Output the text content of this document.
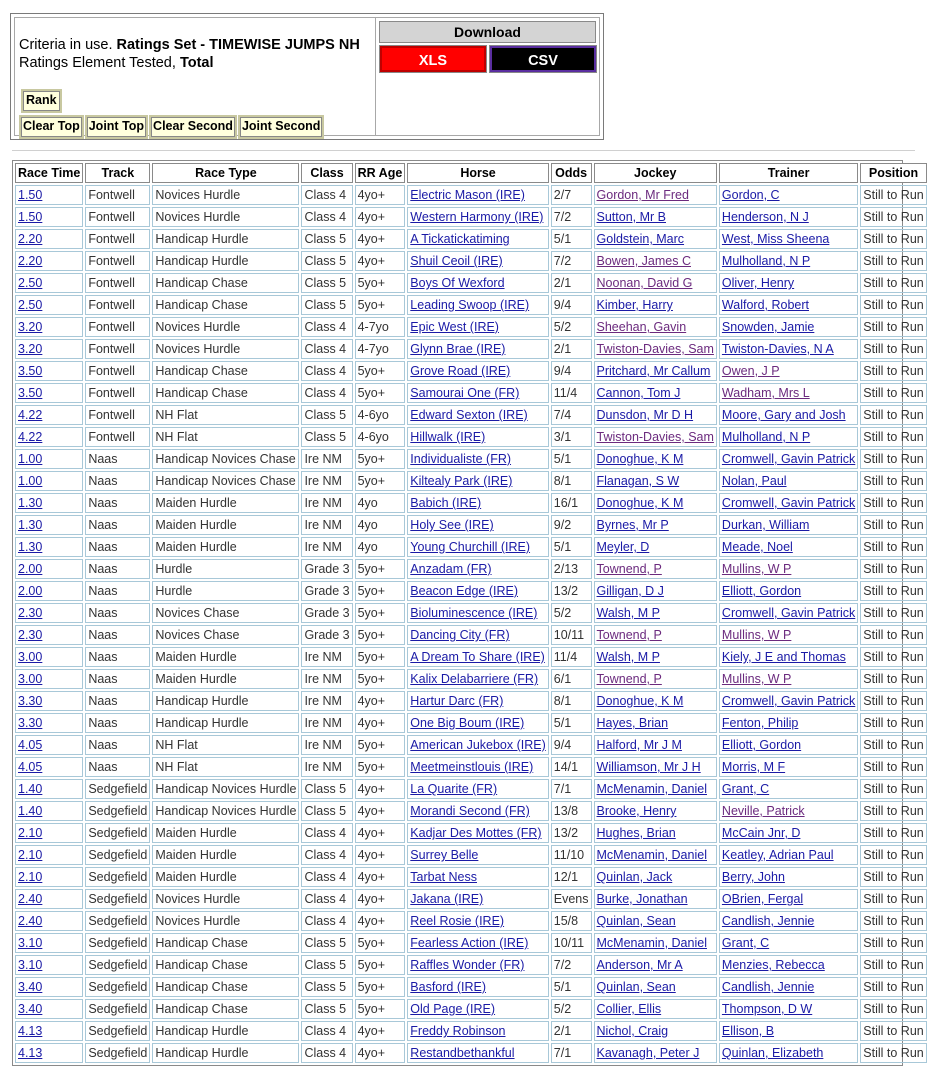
Criteria in use. Ratings Set - TIMEWISE JUMPS NH
Ratings Element Tested, Total
Rank
Clear Top Joint Top Clear Second Joint Second
Download
XLS	CSV
Race Time	Track	Race Type	Class	RR Age	Horse	Odds	Jockey	Trainer	Position
1.50	Fontwell	Novices Hurdle	Class 4	4yo+	Electric Mason (IRE)	2/7	Gordon, Mr Fred	Gordon, C	Still to Run
1.50	Fontwell	Novices Hurdle	Class 4	4yo+	Western Harmony (IRE)	7/2	Sutton, Mr B	Henderson, N J	Still to Run
2.20	Fontwell	Handicap Hurdle	Class 5	4yo+	A Tickatickatiming	5/1	Goldstein, Marc	West, Miss Sheena	Still to Run
2.20	Fontwell	Handicap Hurdle	Class 5	4yo+	Shuil Ceoil (IRE)	7/2	Bowen, James C	Mulholland, N P	Still to Run
2.50	Fontwell	Handicap Chase	Class 5	5yo+	Boys Of Wexford	2/1	Noonan, David G	Oliver, Henry	Still to Run
2.50	Fontwell	Handicap Chase	Class 5	5yo+	Leading Swoop (IRE)	9/4	Kimber, Harry	Walford, Robert	Still to Run
3.20	Fontwell	Novices Hurdle	Class 4	4-7yo	Epic West (IRE)	5/2	Sheehan, Gavin	Snowden, Jamie	Still to Run
3.20	Fontwell	Novices Hurdle	Class 4	4-7yo	Glynn Brae (IRE)	2/1	Twiston-Davies, Sam	Twiston-Davies, N A	Still to Run
3.50	Fontwell	Handicap Chase	Class 4	5yo+	Grove Road (IRE)	9/4	Pritchard, Mr Callum	Owen, J P	Still to Run
3.50	Fontwell	Handicap Chase	Class 4	5yo+	Samourai One (FR)	11/4	Cannon, Tom J	Wadham, Mrs L	Still to Run
4.22	Fontwell	NH Flat	Class 5	4-6yo	Edward Sexton (IRE)	7/4	Dunsdon, Mr D H	Moore, Gary and Josh	Still to Run
4.22	Fontwell	NH Flat	Class 5	4-6yo	Hillwalk (IRE)	3/1	Twiston-Davies, Sam	Mulholland, N P	Still to Run
1.00	Naas	Handicap Novices Chase	Ire NM	5yo+	Individualiste (FR)	5/1	Donoghue, K M	Cromwell, Gavin Patrick	Still to Run
1.00	Naas	Handicap Novices Chase	Ire NM	5yo+	Kiltealy Park (IRE)	8/1	Flanagan, S W	Nolan, Paul	Still to Run
1.30	Naas	Maiden Hurdle	Ire NM	4yo	Babich (IRE)	16/1	Donoghue, K M	Cromwell, Gavin Patrick	Still to Run
1.30	Naas	Maiden Hurdle	Ire NM	4yo	Holy See (IRE)	9/2	Byrnes, Mr P	Durkan, William	Still to Run
1.30	Naas	Maiden Hurdle	Ire NM	4yo	Young Churchill (IRE)	5/1	Meyler, D	Meade, Noel	Still to Run
2.00	Naas	Hurdle	Grade 3	5yo+	Anzadam (FR)	2/13	Townend, P	Mullins, W P	Still to Run
2.00	Naas	Hurdle	Grade 3	5yo+	Beacon Edge (IRE)	13/2	Gilligan, D J	Elliott, Gordon	Still to Run
2.30	Naas	Novices Chase	Grade 3	5yo+	Bioluminescence (IRE)	5/2	Walsh, M P	Cromwell, Gavin Patrick	Still to Run
2.30	Naas	Novices Chase	Grade 3	5yo+	Dancing City (FR)	10/11	Townend, P	Mullins, W P	Still to Run
3.00	Naas	Maiden Hurdle	Ire NM	5yo+	A Dream To Share (IRE)	11/4	Walsh, M P	Kiely, J E and Thomas	Still to Run
3.00	Naas	Maiden Hurdle	Ire NM	5yo+	Kalix Delabarriere (FR)	6/1	Townend, P	Mullins, W P	Still to Run
3.30	Naas	Handicap Hurdle	Ire NM	4yo+	Hartur Darc (FR)	8/1	Donoghue, K M	Cromwell, Gavin Patrick	Still to Run
3.30	Naas	Handicap Hurdle	Ire NM	4yo+	One Big Boum (IRE)	5/1	Hayes, Brian	Fenton, Philip	Still to Run
4.05	Naas	NH Flat	Ire NM	5yo+	American Jukebox (IRE)	9/4	Halford, Mr J M	Elliott, Gordon	Still to Run
4.05	Naas	NH Flat	Ire NM	5yo+	Meetmeinstlouis (IRE)	14/1	Williamson, Mr J H	Morris, M F	Still to Run
1.40	Sedgefield	Handicap Novices Hurdle	Class 5	4yo+	La Quarite (FR)	7/1	McMenamin, Daniel	Grant, C	Still to Run
1.40	Sedgefield	Handicap Novices Hurdle	Class 5	4yo+	Morandi Second (FR)	13/8	Brooke, Henry	Neville, Patrick	Still to Run
2.10	Sedgefield	Maiden Hurdle	Class 4	4yo+	Kadjar Des Mottes (FR)	13/2	Hughes, Brian	McCain Jnr, D	Still to Run
2.10	Sedgefield	Maiden Hurdle	Class 4	4yo+	Surrey Belle	11/10	McMenamin, Daniel	Keatley, Adrian Paul	Still to Run
2.10	Sedgefield	Maiden Hurdle	Class 4	4yo+	Tarbat Ness	12/1	Quinlan, Jack	Berry, John	Still to Run
2.40	Sedgefield	Novices Hurdle	Class 4	4yo+	Jakana (IRE)	Evens	Burke, Jonathan	OBrien, Fergal	Still to Run
2.40	Sedgefield	Novices Hurdle	Class 4	4yo+	Reel Rosie (IRE)	15/8	Quinlan, Sean	Candlish, Jennie	Still to Run
3.10	Sedgefield	Handicap Chase	Class 5	5yo+	Fearless Action (IRE)	10/11	McMenamin, Daniel	Grant, C	Still to Run
3.10	Sedgefield	Handicap Chase	Class 5	5yo+	Raffles Wonder (FR)	7/2	Anderson, Mr A	Menzies, Rebecca	Still to Run
3.40	Sedgefield	Handicap Chase	Class 5	5yo+	Basford (IRE)	5/1	Quinlan, Sean	Candlish, Jennie	Still to Run
3.40	Sedgefield	Handicap Chase	Class 5	5yo+	Old Page (IRE)	5/2	Collier, Ellis	Thompson, D W	Still to Run
4.13	Sedgefield	Handicap Hurdle	Class 4	4yo+	Freddy Robinson	2/1	Nichol, Craig	Ellison, B	Still to Run
4.13	Sedgefield	Handicap Hurdle	Class 4	4yo+	Restandbethankful	7/1	Kavanagh, Peter J	Quinlan, Elizabeth	Still to Run
